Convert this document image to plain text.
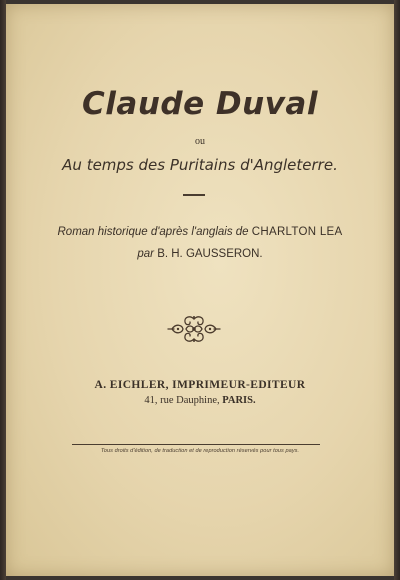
Claude Duval
ou
Au temps des Puritains d'Angleterre.
Roman historique d'après l'anglais de CHARLTON LEA
par B. H. GAUSSERON.
A. EICHLER, IMPRIMEUR-EDITEUR
41, rue Dauphine, PARIS.
Tous droits d'édition, de traduction et de reproduction réservés pour tous pays.
